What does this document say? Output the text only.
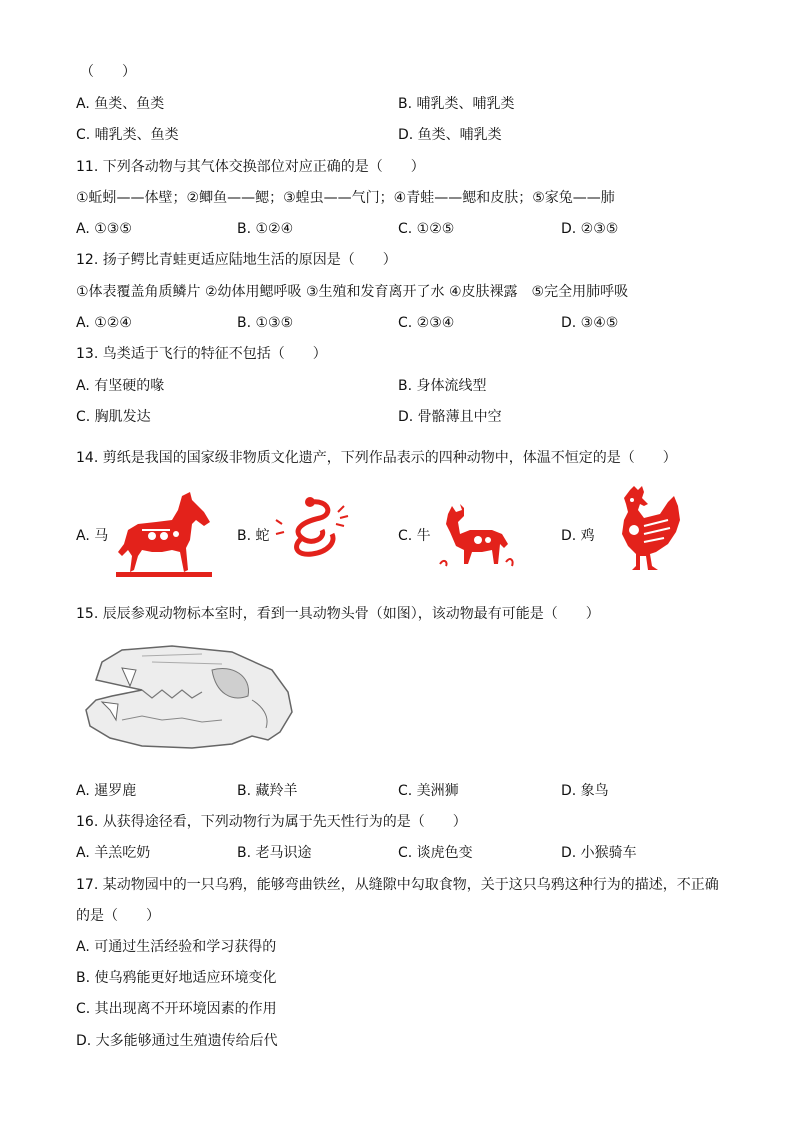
（　　）
A. 鱼类、鱼类	B. 哺乳类、哺乳类
C. 哺乳类、鱼类	D. 鱼类、哺乳类
11. 下列各动物与其气体交换部位对应正确的是（　　）
①蚯蚓——体壁；②鲫鱼——鳃；③蝗虫——气门；④青蛙——鳃和皮肤；⑤家兔——肺
A. ①③⑤	B. ①②④	C. ①②⑤	D. ②③⑤
12. 扬子鳄比青蛙更适应陆地生活的原因是（　　）
①体表覆盖角质鳞片 ②幼体用鳃呼吸 ③生殖和发育离开了水 ④皮肤裸露　⑤完全用肺呼吸
A. ①②④	B. ①③⑤	C. ②③④	D. ③④⑤
13. 鸟类适于飞行的特征不包括（　　）
A. 有坚硬的喙	B. 身体流线型
C. 胸肌发达	D. 骨骼薄且中空
14. 剪纸是我国的国家级非物质文化遗产，下列作品表示的四种动物中，体温不恒定的是（　　）
A. 马	B. 蛇	C. 牛	D. 鸡
15. 辰辰参观动物标本室时，看到一具动物头骨（如图），该动物最有可能是（　　）
A. 暹罗鹿	B. 藏羚羊	C. 美洲狮	D. 象鸟
16. 从获得途径看，下列动物行为属于先天性行为的是（　　）
A. 羊羔吃奶	B. 老马识途	C. 谈虎色变	D. 小猴骑车
17. 某动物园中的一只乌鸦，能够弯曲铁丝，从缝隙中勾取食物，关于这只乌鸦这种行为的描述，不正确
的是（　　）
A. 可通过生活经验和学习获得的
B. 使乌鸦能更好地适应环境变化
C. 其出现离不开环境因素的作用
D. 大多能够通过生殖遗传给后代
